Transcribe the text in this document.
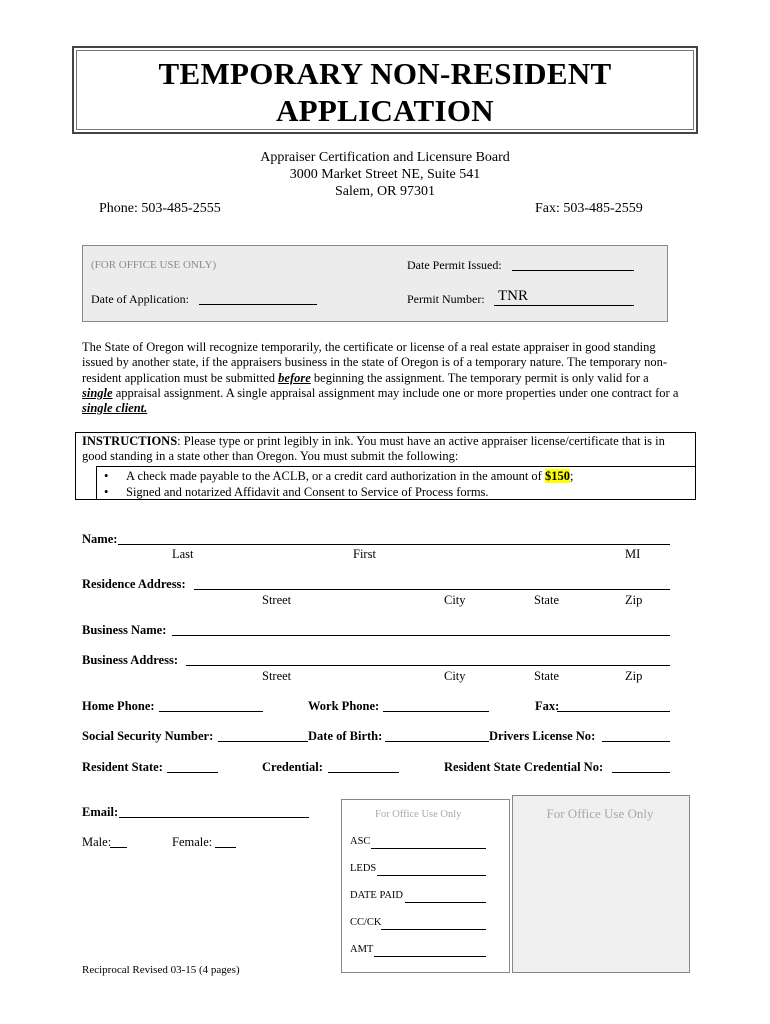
TEMPORARY NON-RESIDENT
APPLICATION
Appraiser Certification and Licensure Board
3000 Market Street NE, Suite 541
Salem, OR 97301
Phone: 503-485-2555	Fax: 503-485-2559
(FOR OFFICE USE ONLY)	Date Permit Issued:
Date of Application:	Permit Number: TNR
The State of Oregon will recognize temporarily, the certificate or license of a real estate appraiser in good standing issued by another state, if the appraisers business in the state of Oregon is of a temporary nature. The temporary non-resident application must be submitted before beginning the assignment. The temporary permit is only valid for a single appraisal assignment. A single appraisal assignment may include one or more properties under one contract for a single client.
INSTRUCTIONS: Please type or print legibly in ink. You must have an active appraiser license/certificate that is in good standing in a state other than Oregon. You must submit the following:
• A check made payable to the ACLB, or a credit card authorization in the amount of $150;
• Signed and notarized Affidavit and Consent to Service of Process forms.
Name:
Last	First	MI
Residence Address:
Street	City	State	Zip
Business Name:
Business Address:
Street	City	State	Zip
Home Phone:	Work Phone:	Fax:
Social Security Number:	Date of Birth:	Drivers License No:
Resident State:	Credential:	Resident State Credential No:
Email:
Male:	Female:
For Office Use Only
ASC
LEDS
DATE PAID
CC/CK
AMT
For Office Use Only
Reciprocal Revised 03-15 (4 pages)
